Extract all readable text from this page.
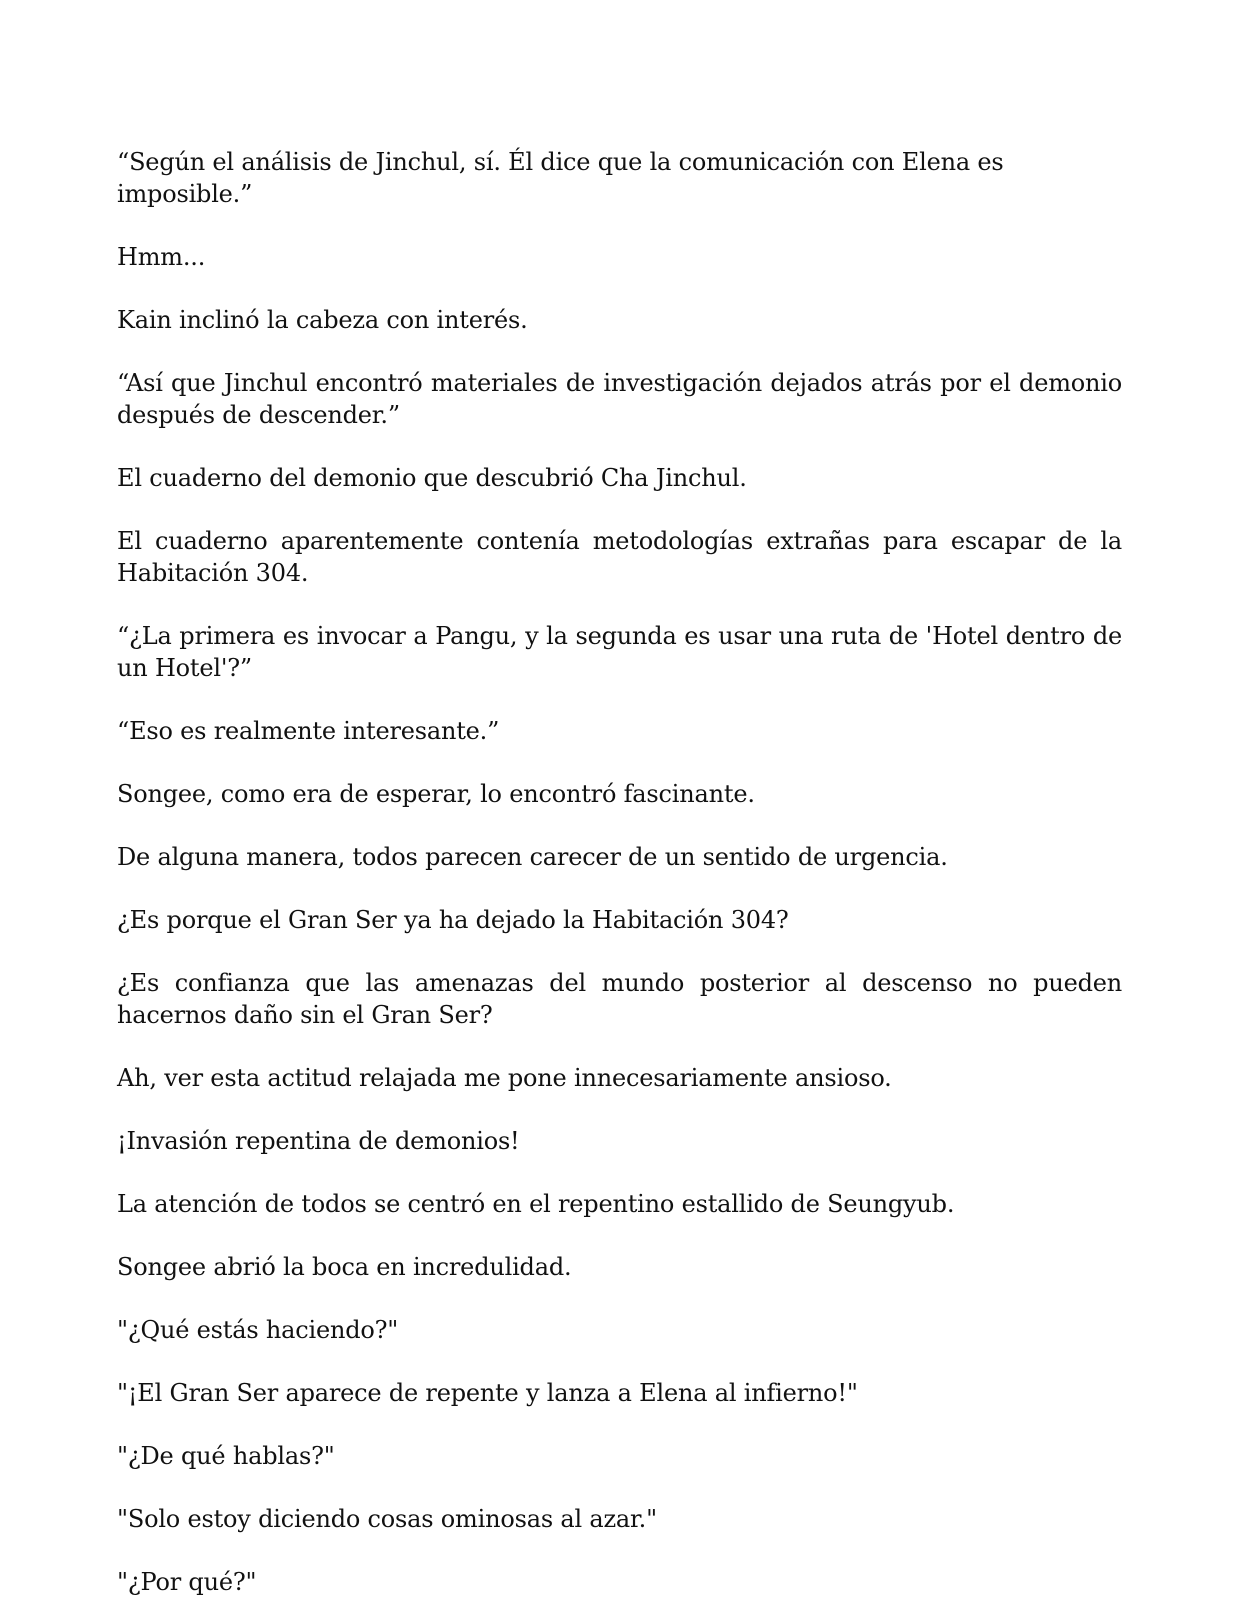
“Según el análisis de Jinchul, sí. Él dice que la comunicación con Elena es imposible.”

Hmm...

Kain inclinó la cabeza con interés.

“Así que Jinchul encontró materiales de investigación dejados atrás por el demonio después de descender.”

El cuaderno del demonio que descubrió Cha Jinchul.

El cuaderno aparentemente contenía metodologías extrañas para escapar de la Habitación 304.

“¿La primera es invocar a Pangu, y la segunda es usar una ruta de 'Hotel dentro de un Hotel'?”

“Eso es realmente interesante.”

Songee, como era de esperar, lo encontró fascinante.

De alguna manera, todos parecen carecer de un sentido de urgencia.

¿Es porque el Gran Ser ya ha dejado la Habitación 304?

¿Es confianza que las amenazas del mundo posterior al descenso no pueden hacernos daño sin el Gran Ser?

Ah, ver esta actitud relajada me pone innecesariamente ansioso.

¡Invasión repentina de demonios!

La atención de todos se centró en el repentino estallido de Seungyub.

Songee abrió la boca en incredulidad.

"¿Qué estás haciendo?"

"¡El Gran Ser aparece de repente y lanza a Elena al infierno!"

"¿De qué hablas?"

"Solo estoy diciendo cosas ominosas al azar."

"¿Por qué?"
